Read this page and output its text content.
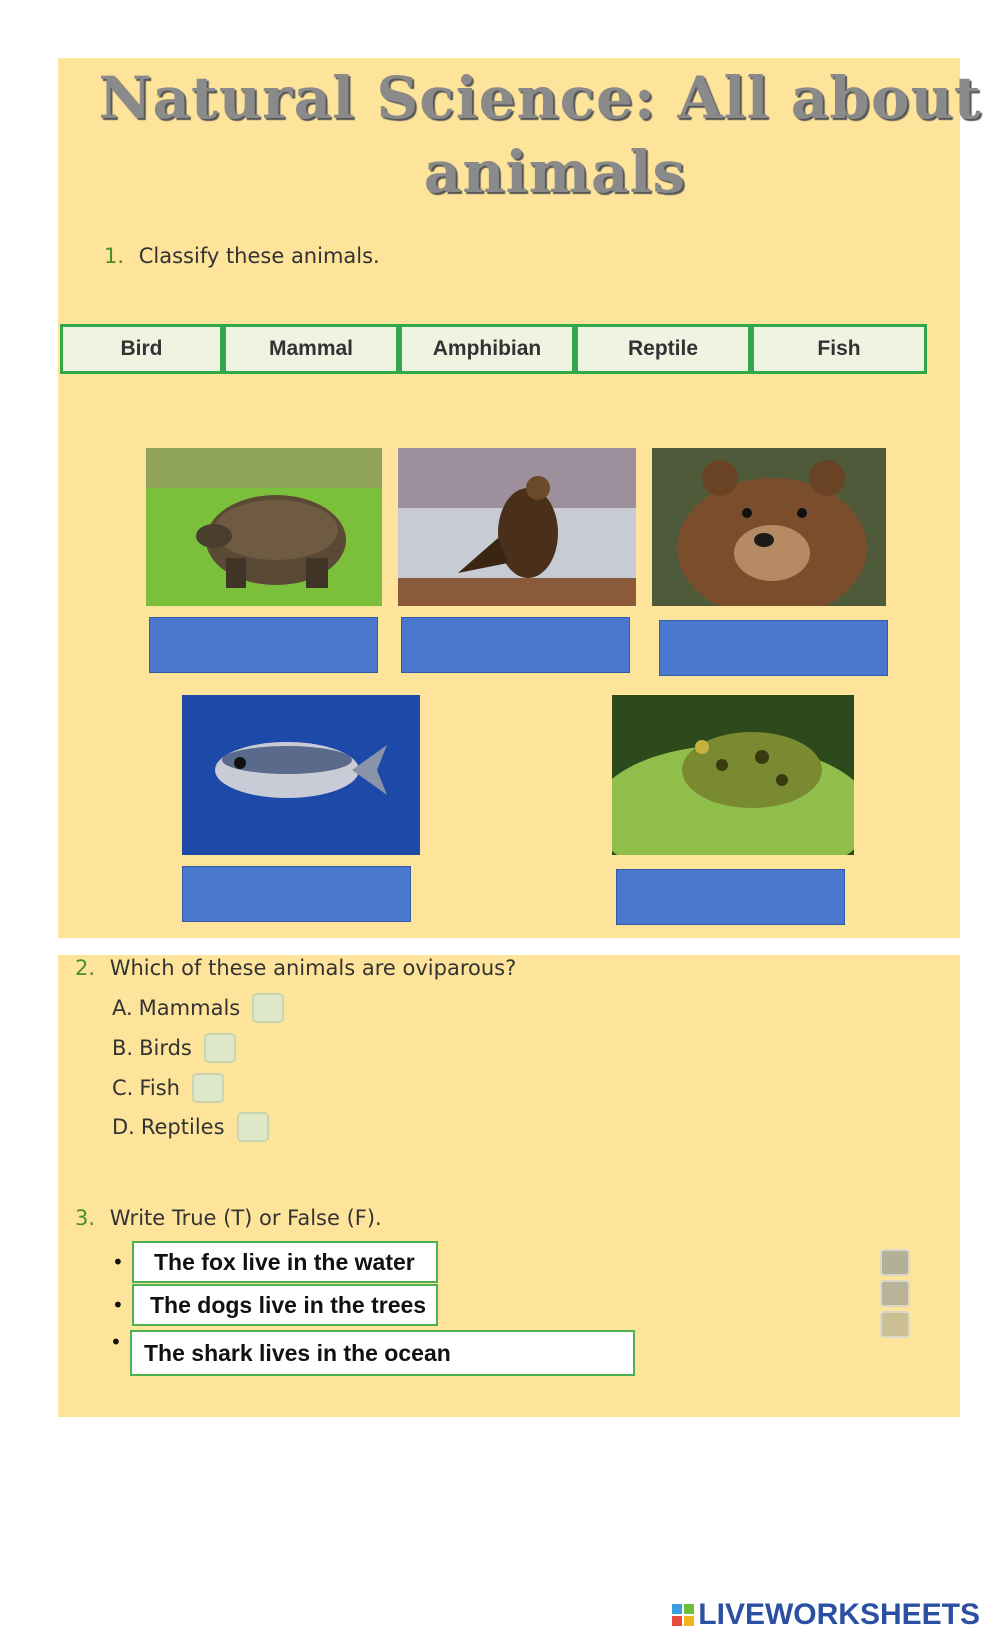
Natural Science: All about
animals
1. Classify these animals.
Bird	Mammal	Amphibian	Reptile	Fish
2. Which of these animals are oviparous?
A. Mammals
B. Birds
C. Fish
D. Reptiles
3. Write True (T) or False (F).
•	The fox live in the water
•	The dogs live in the trees
• The shark lives in the ocean
LIVEWORKSHEETS
